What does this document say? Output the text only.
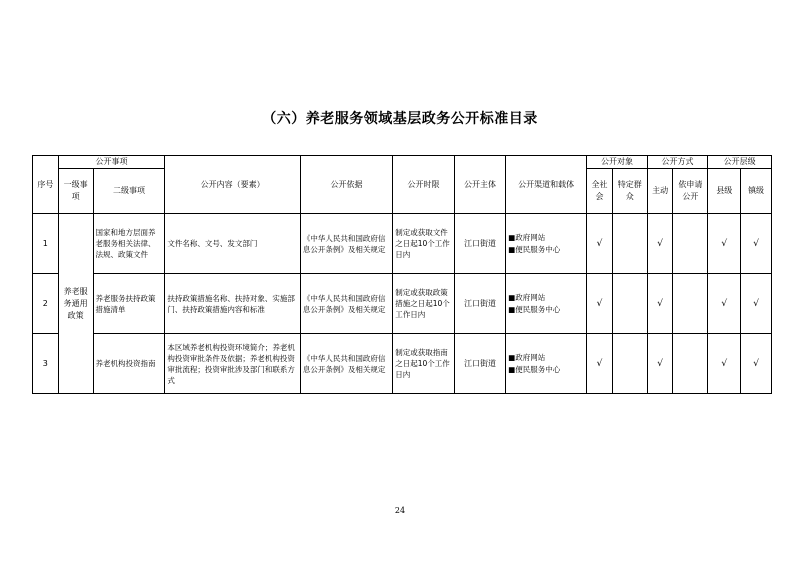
（六）养老服务领域基层政务公开标准目录
序号	公开事项		公开内容（要素）	公开依据	公开时限	公开主体	公开渠道和载体	公开对象		公开方式		公开层级	
	一级事项	二级事项						全社会	特定群众	主动	依申请公开	县级	镇级
1	养老服务通用政策	国家和地方层面养老服务相关法律、法规、政策文件	文件名称、文号、发文部门	《中华人民共和国政府信息公开条例》及相关规定	制定或获取文件之日起10个工作日内	江口街道	■政府网站
■便民服务中心	√		√		√	√
2		养老服务扶持政策措施清单	扶持政策措施名称、扶持对象、实施部门、扶持政策措施内容和标准	《中华人民共和国政府信息公开条例》及相关规定	制定或获取政策措施之日起10个工作日内	江口街道	■政府网站
■便民服务中心	√		√		√	√
3		养老机构投资指南	本区域养老机构投资环境简介；养老机构投资审批条件及依据；养老机构投资审批流程；投资审批涉及部门和联系方式	《中华人民共和国政府信息公开条例》及相关规定	制定或获取指南之日起10个工作日内	江口街道	■政府网站
■便民服务中心	√		√		√	√
24
